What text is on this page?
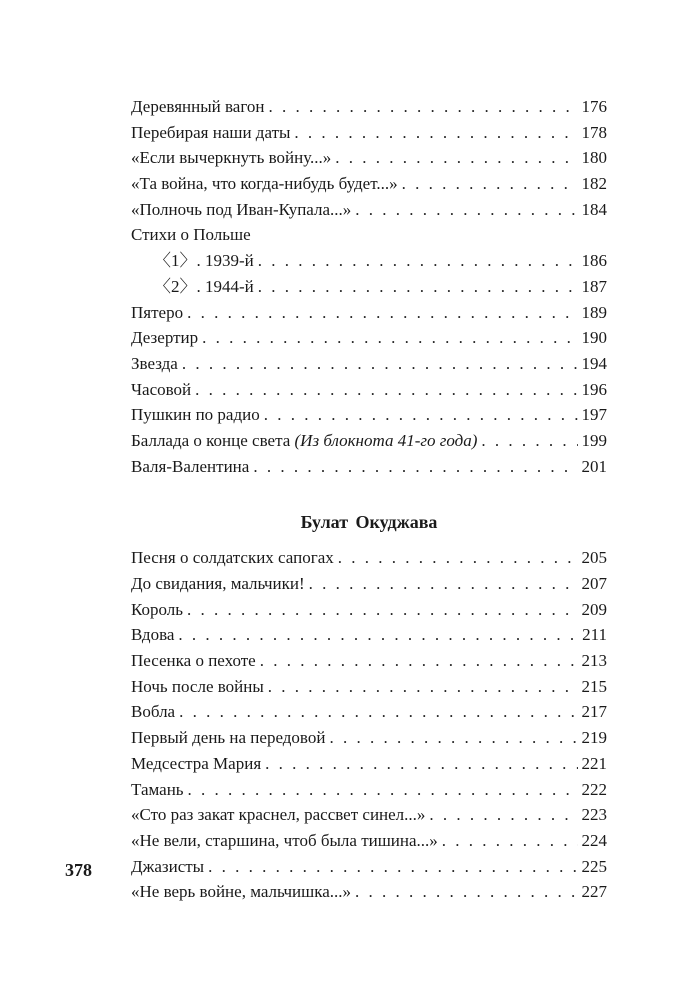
Деревянный вагон . . .	176
Перебирая наши даты . . .	178
«Если вычеркнуть войну...» . . .	180
«Та война, что когда-нибудь будет...» . . .	182
«Полночь под Иван-Купала...» . . .	184
Стихи о Польше
〈1〉. 1939-й . . .	186
〈2〉. 1944-й . . .	187
Пятеро . . .	189
Дезертир . . .	190
Звезда . . .	194
Часовой . . .	196
Пушкин по радио . . .	197
Баллада о конце света (Из блокнота 41-го года) . . .	199
Валя-Валентина . . .	201
Булат Окуджава
Песня о солдатских сапогах . . .	205
До свидания, мальчики! . . .	207
Король . . .	209
Вдова . . .	211
Песенка о пехоте . . .	213
Ночь после войны . . .	215
Вобла . . .	217
Первый день на передовой . . .	219
Медсестра Мария . . .	221
Тамань . . .	222
«Сто раз закат краснел, рассвет синел...» . . .	223
«Не вели, старшина, чтоб была тишина...» . . .	224
Джазисты . . .	225
«Не верь войне, мальчишка...» . . .	227
378
